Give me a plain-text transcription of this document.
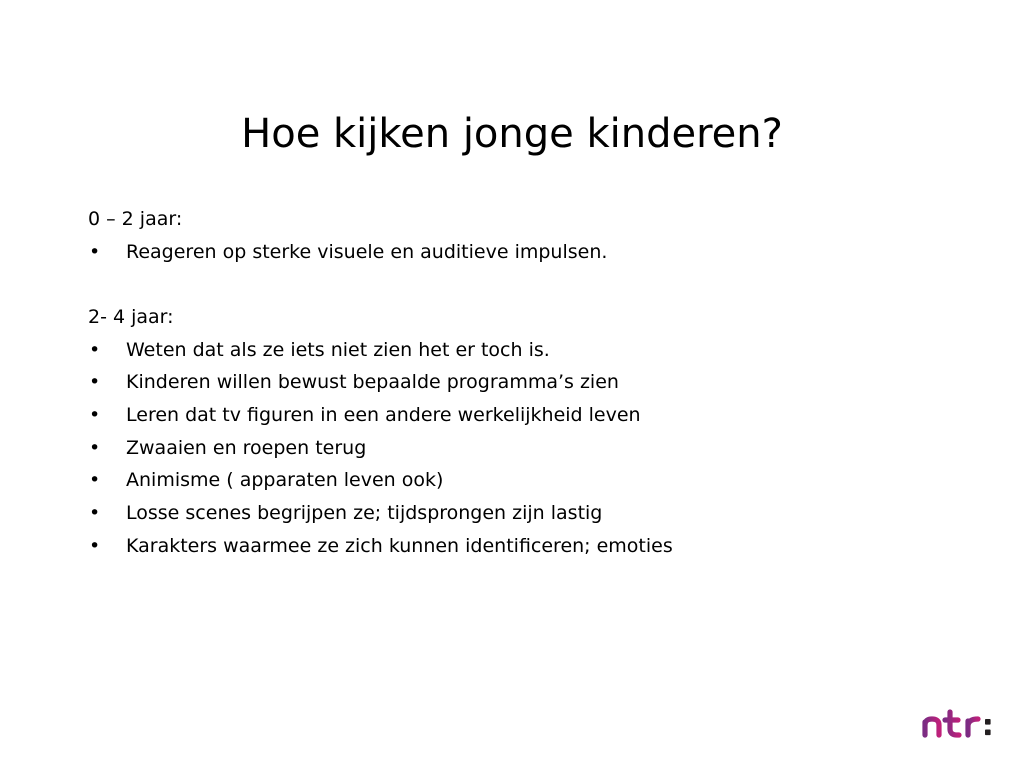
Hoe kijken jonge kinderen?
0 – 2 jaar:
•	Reageren op sterke visuele en auditieve impulsen.
2- 4 jaar:
•	Weten dat als ze iets niet zien het er toch is.
•	Kinderen willen bewust bepaalde programma’s zien
•	Leren dat tv figuren in een andere werkelijkheid leven
•	Zwaaien en roepen terug
•	Animisme ( apparaten leven ook)
•	Losse scenes begrijpen ze; tijdsprongen zijn lastig
•	Karakters waarmee ze zich kunnen identificeren; emoties
